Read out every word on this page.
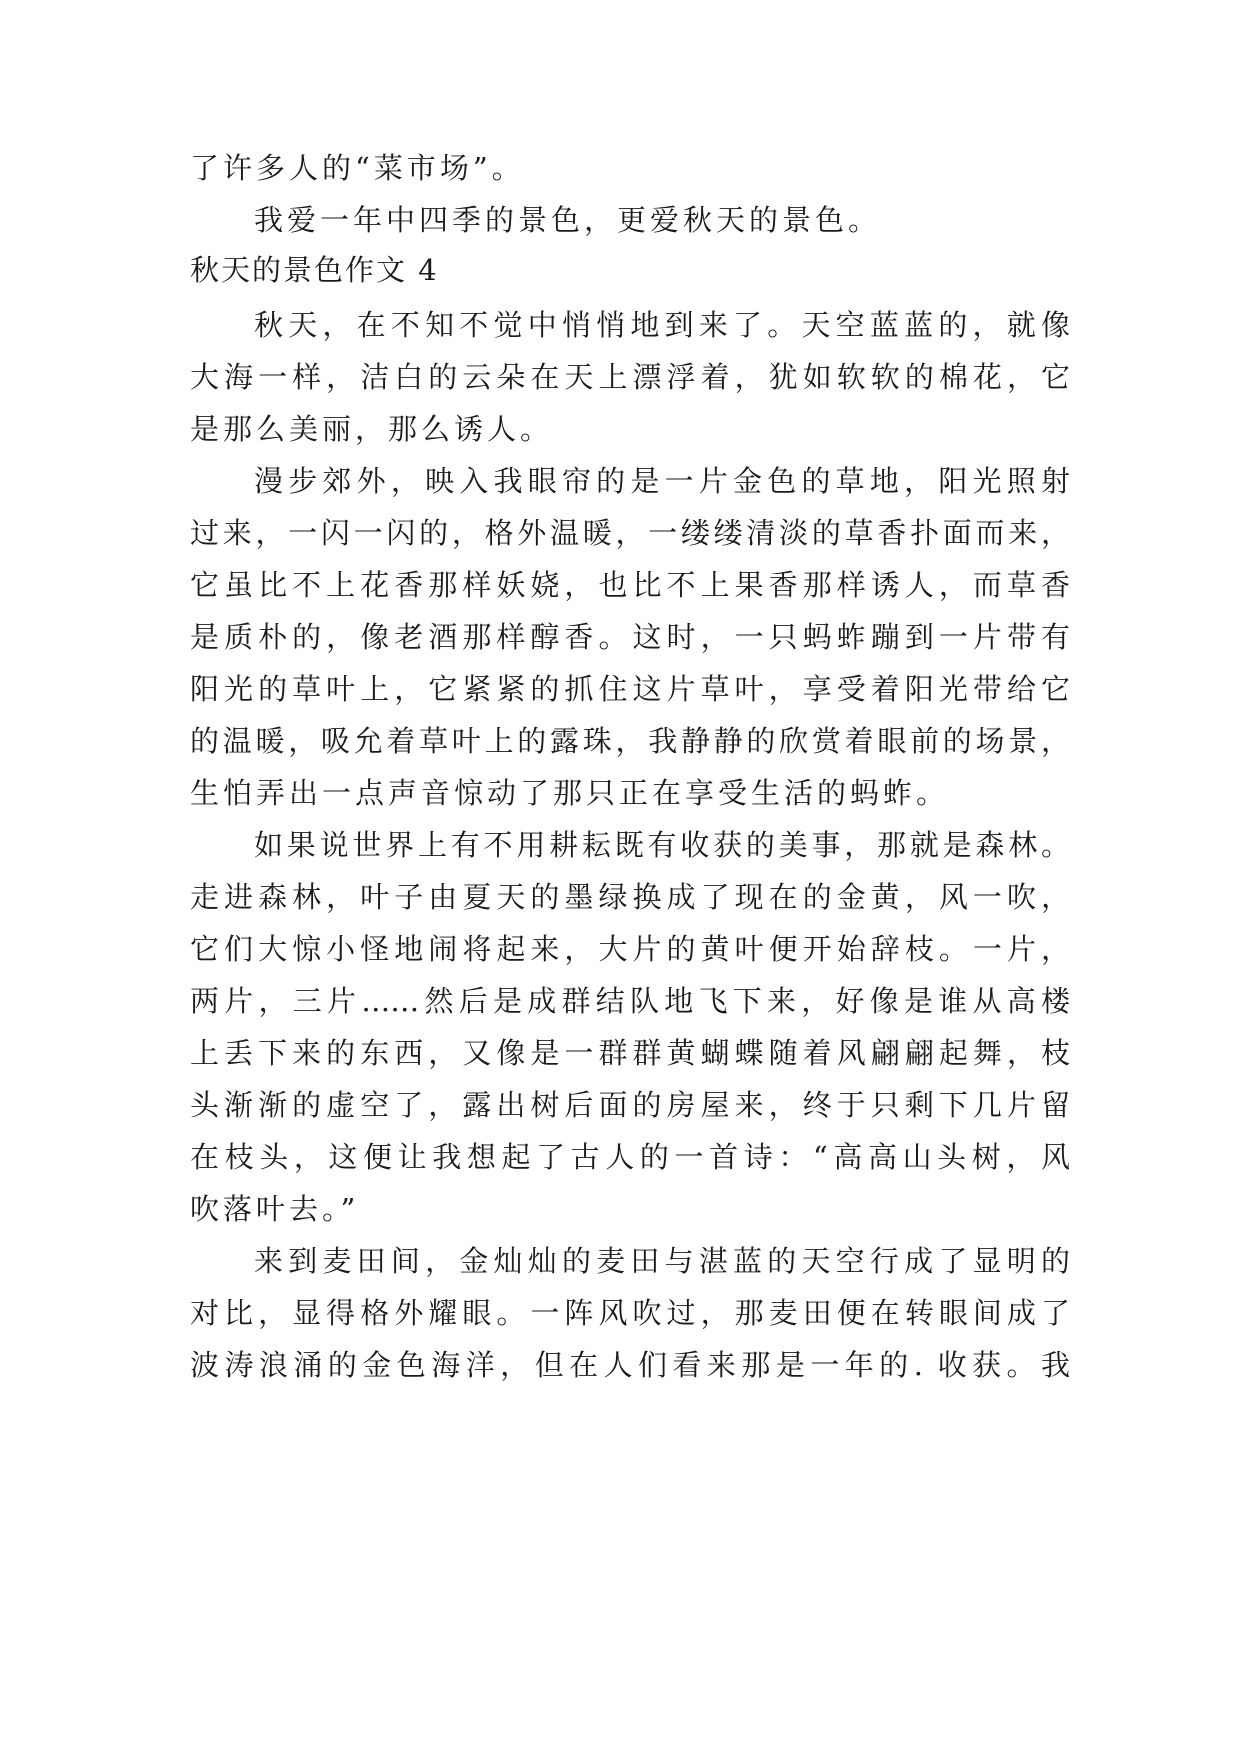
了许多人的“菜市场”。
我爱一年中四季的景色，更爱秋天的景色。
秋天的景色作文 4
秋天，在不知不觉中悄悄地到来了。天空蓝蓝的，就像
大海一样，洁白的云朵在天上漂浮着，犹如软软的棉花，它
是那么美丽，那么诱人。
漫步郊外，映入我眼帘的是一片金色的草地，阳光照射
过来，一闪一闪的，格外温暖，一缕缕清淡的草香扑面而来，
它虽比不上花香那样妖娆，也比不上果香那样诱人，而草香
是质朴的，像老酒那样醇香。这时，一只蚂蚱蹦到一片带有
阳光的草叶上，它紧紧的抓住这片草叶，享受着阳光带给它
的温暖，吸允着草叶上的露珠，我静静的欣赏着眼前的场景，
生怕弄出一点声音惊动了那只正在享受生活的蚂蚱。
如果说世界上有不用耕耘既有收获的美事，那就是森林。
走进森林，叶子由夏天的墨绿换成了现在的金黄，风一吹，
它们大惊小怪地闹将起来，大片的黄叶便开始辞枝。一片，
两片，三片……然后是成群结队地飞下来，好像是谁从高楼
上丢下来的东西，又像是一群群黄蝴蝶随着风翩翩起舞，枝
头渐渐的虚空了，露出树后面的房屋来，终于只剩下几片留
在枝头，这便让我想起了古人的一首诗：“高高山头树，风
吹落叶去。”
来到麦田间，金灿灿的麦田与湛蓝的天空行成了显明的
对比，显得格外耀眼。一阵风吹过，那麦田便在转眼间成了
波涛浪涌的金色海洋，但在人们看来那是一年的. 收获。我
